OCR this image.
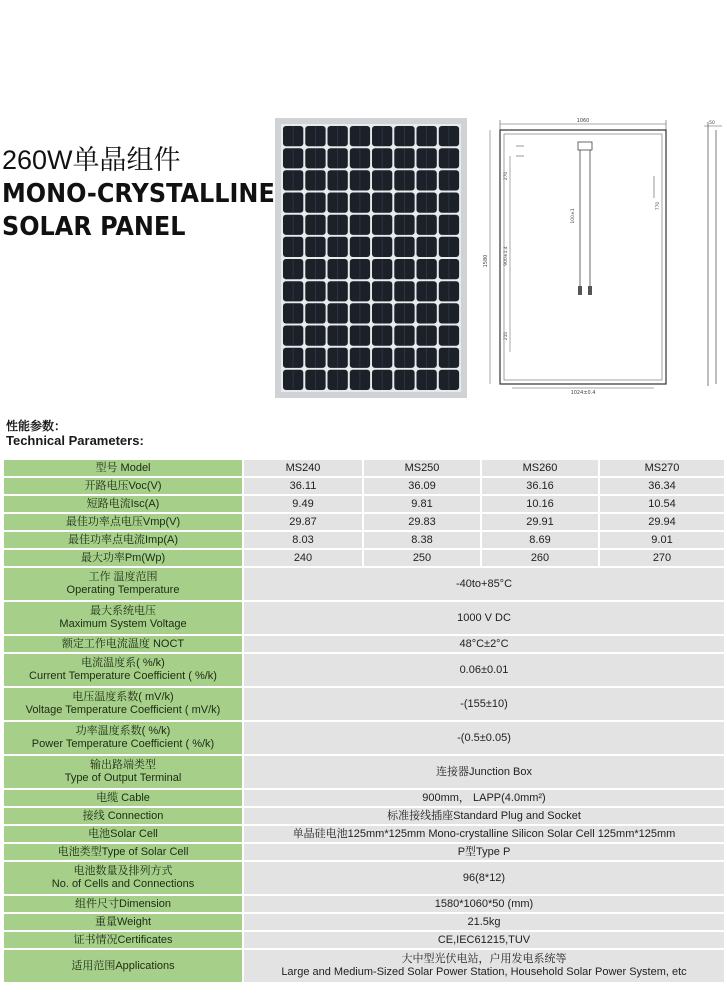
260W单晶组件
MONO-CRYSTALLINE
SOLAR PANEL
1060
1580
270
900±1.4
210
100±1
770
1024±0.4
50
性能参数：
Technical Parameters:
型号 Model	MS240	MS250	MS260	MS270
开路电压Voc(V)	36.11	36.09	36.16	36.34
短路电流Isc(A)	9.49	9.81	10.16	10.54
最佳功率点电压Vmp(V)	29.87	29.83	29.91	29.94
最佳功率点电流Imp(A)	8.03	8.38	8.69	9.01
最大功率Pm(Wp)	240	250	260	270
工作 温度范围
Operating Temperature	-40to+85°C			
最大系统电压
Maximum System Voltage	1000 V DC			
额定工作电流温度 NOCT	48°C±2°C			
电流温度系( %/k)
Current Temperature Coefficient ( %/k)	0.06±0.01			
电压温度系数( mV/k)
Voltage Temperature Coefficient ( mV/k)	-(155±10)			
功率温度系数( %/k)
Power Temperature Coefficient ( %/k)	-(0.5±0.05)			
输出路端类型
Type of Output Terminal	连接器Junction Box			
电缆 Cable	900mm， LAPP(4.0mm²)			
接线 Connection	标准接线插座Standard Plug and Socket			
电池Solar Cell	单晶硅电池125mm*125mm Mono-crystalline Silicon Solar Cell 125mm*125mm			
电池类型Type of Solar Cell	P型Type P			
电池数量及排列方式
No. of Cells and Connections	96(8*12)			
组件尺寸Dimension	1580*1060*50 (mm)			
重量Weight	21.5kg			
证书情况Certificates	CE,IEC61215,TUV			
适用范围Applications	大中型光伏电站，户用发电系统等
Large and Medium-Sized Solar Power Station, Household Solar Power System, etc			
